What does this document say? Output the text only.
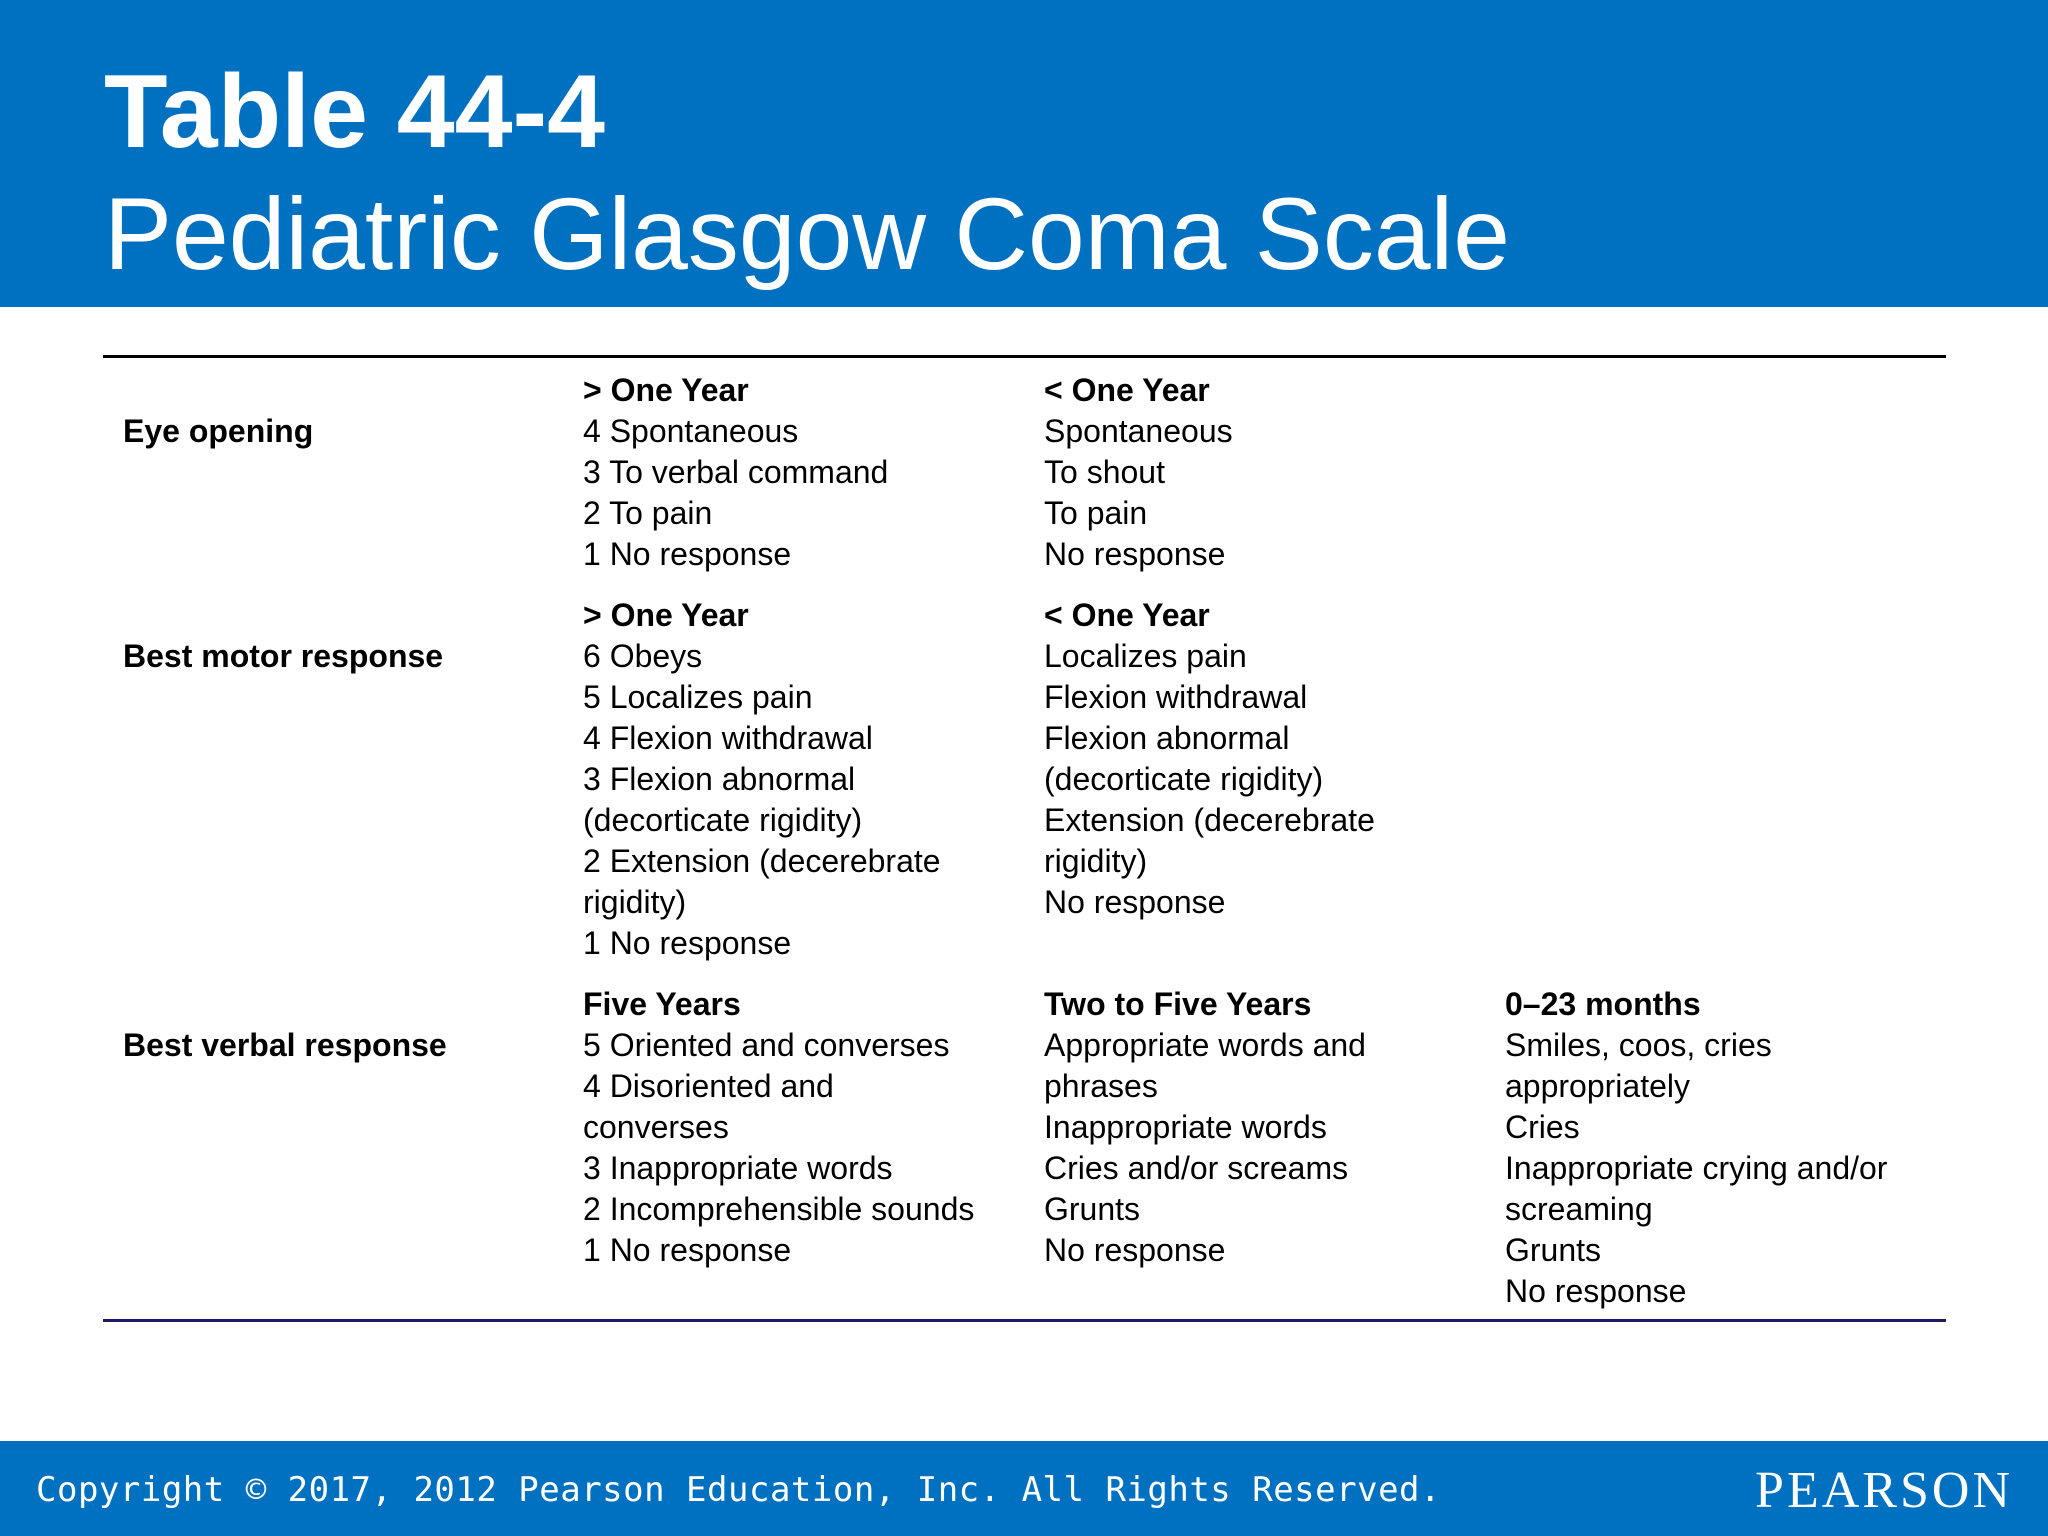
Table 44-4
Pediatric Glasgow Coma Scale
Eye opening
> One Year
4 Spontaneous
3 To verbal command
2 To pain
1 No response
< One Year
Spontaneous
To shout
To pain
No response
Best motor response
> One Year
6 Obeys
5 Localizes pain
4 Flexion withdrawal
3 Flexion abnormal
(decorticate rigidity)
2 Extension (decerebrate
rigidity)
1 No response
< One Year
Localizes pain
Flexion withdrawal
Flexion abnormal
(decorticate rigidity)
Extension (decerebrate
rigidity)
No response
Best verbal response
Five Years
5 Oriented and converses
4 Disoriented and
converses
3 Inappropriate words
2 Incomprehensible sounds
1 No response
Two to Five Years
Appropriate words and
phrases
Inappropriate words
Cries and/or screams
Grunts
No response
0–23 months
Smiles, coos, cries
appropriately
Cries
Inappropriate crying and/or
screaming
Grunts
No response
Copyright © 2017, 2012 Pearson Education, Inc. All Rights Reserved.	PEARSON
